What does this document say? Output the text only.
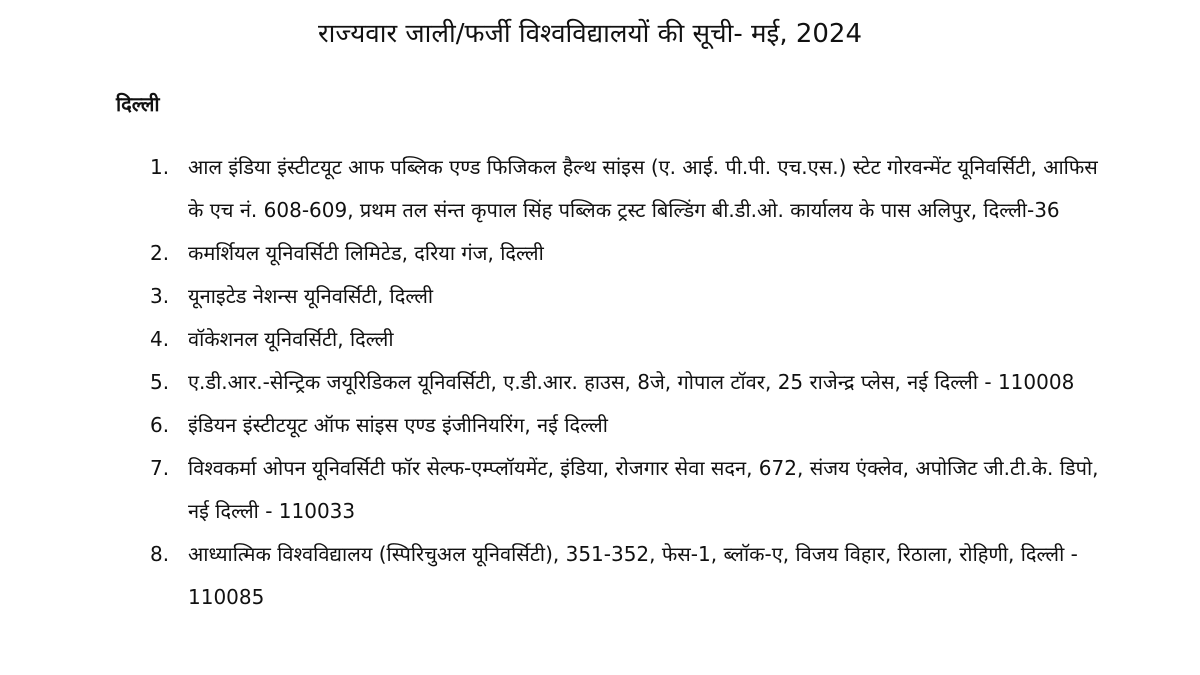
राज्यवार जाली/फर्जी विश्वविद्यालयों की सूची- मई, 2024
दिल्ली
1. आल इंडिया इंस्टीटयूट आफ पब्लिक एण्ड फिजिकल हैल्थ सांइस (ए. आई. पी.पी. एच.एस.) स्टेट गोरवन्मेंट यूनिवर्सिटी, आफिस के एच नं. 608-609, प्रथम तल संन्त कृपाल सिंह पब्लिक ट्रस्ट बिल्डिंग बी.डी.ओ. कार्यालय के पास अलिपुर, दिल्ली-36
2. कमर्शियल यूनिवर्सिटी लिमिटेड, दरिया गंज, दिल्ली
3. यूनाइटेड नेशन्स यूनिवर्सिटी, दिल्ली
4. वॉकेशनल यूनिवर्सिटी, दिल्ली
5. ए.डी.आर.-सेन्ट्रिक जयूरिडिकल यूनिवर्सिटी, ए.डी.आर. हाउस, 8जे, गोपाल टॉवर, 25 राजेन्द्र प्लेस, नई दिल्ली - 110008
6. इंडियन इंस्टीटयूट ऑफ सांइस एण्ड इंजीनियरिंग, नई दिल्ली
7. विश्वकर्मा ओपन यूनिवर्सिटी फॉर सेल्फ-एम्प्लॉयमेंट, इंडिया, रोजगार सेवा सदन, 672, संजय एंक्लेव, अपोजिट जी.टी.के. डिपो, नई दिल्ली - 110033
8. आध्यात्मिक विश्वविद्यालय (स्पिरिचुअल यूनिवर्सिटी), 351-352, फेस-1, ब्लॉक-ए, विजय विहार, रिठाला, रोहिणी, दिल्ली - 110085
